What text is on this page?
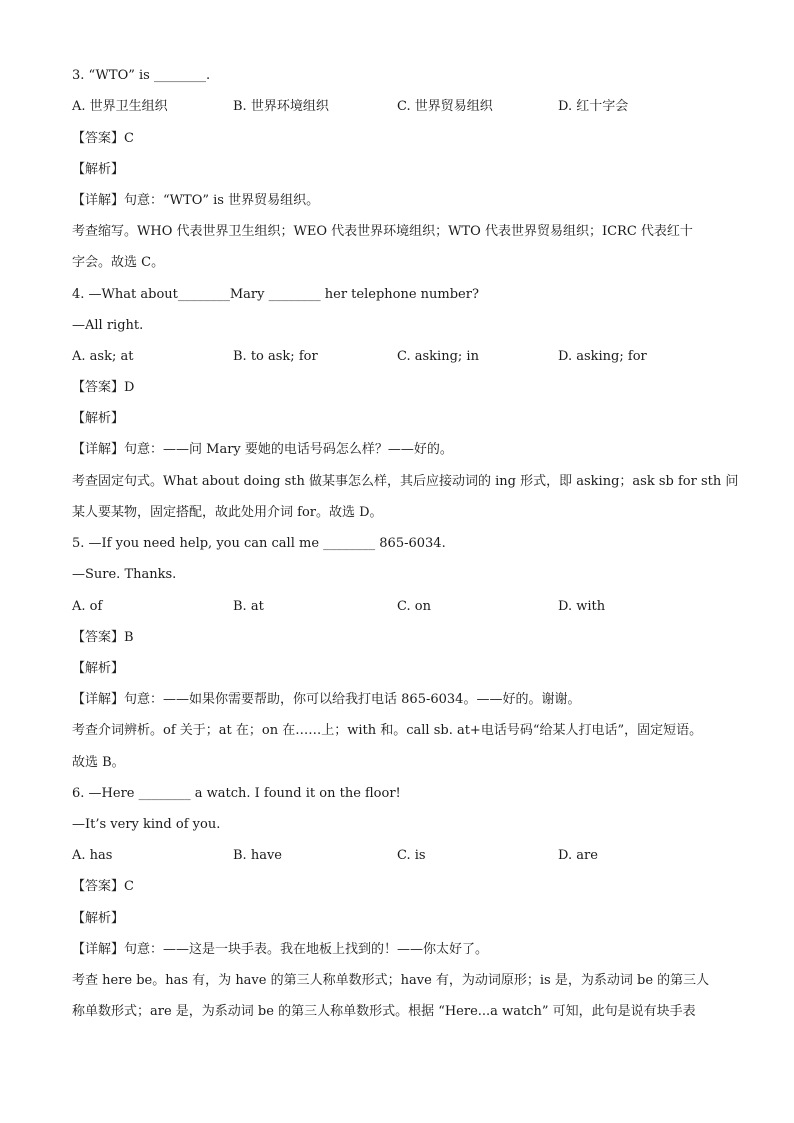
3. “WTO” is ________.
A. 世界卫生组织	B. 世界环境组织	C. 世界贸易组织	D. 红十字会
【答案】C
【解析】
【详解】句意：“WTO” is 世界贸易组织。
考查缩写。WHO 代表世界卫生组织；WEO 代表世界环境组织；WTO 代表世界贸易组织；ICRC 代表红十
字会。故选 C。
4. —What about________Mary ________ her telephone number?
—All right.
A. ask; at	B. to ask; for	C. asking; in	D. asking; for
【答案】D
【解析】
【详解】句意：——问 Mary 要她的电话号码怎么样？——好的。
考查固定句式。What about doing sth 做某事怎么样，其后应接动词的 ing 形式，即 asking；ask sb for sth 问
某人要某物，固定搭配，故此处用介词 for。故选 D。
5. —If you need help, you can call me ________ 865-6034.
—Sure. Thanks.
A. of	B. at	C. on	D. with
【答案】B
【解析】
【详解】句意：——如果你需要帮助，你可以给我打电话 865-6034。——好的。谢谢。
考查介词辨析。of 关于；at 在；on 在……上；with 和。call sb. at+电话号码“给某人打电话”，固定短语。
故选 B。
6. —Here ________ a watch. I found it on the floor!
—It’s very kind of you.
A. has	B. have	C. is	D. are
【答案】C
【解析】
【详解】句意：——这是一块手表。我在地板上找到的！——你太好了。
考查 here be。has 有，为 have 的第三人称单数形式；have 有，为动词原形；is 是，为系动词 be 的第三人
称单数形式；are 是，为系动词 be 的第三人称单数形式。根据 “Here...a watch” 可知，此句是说有块手表
